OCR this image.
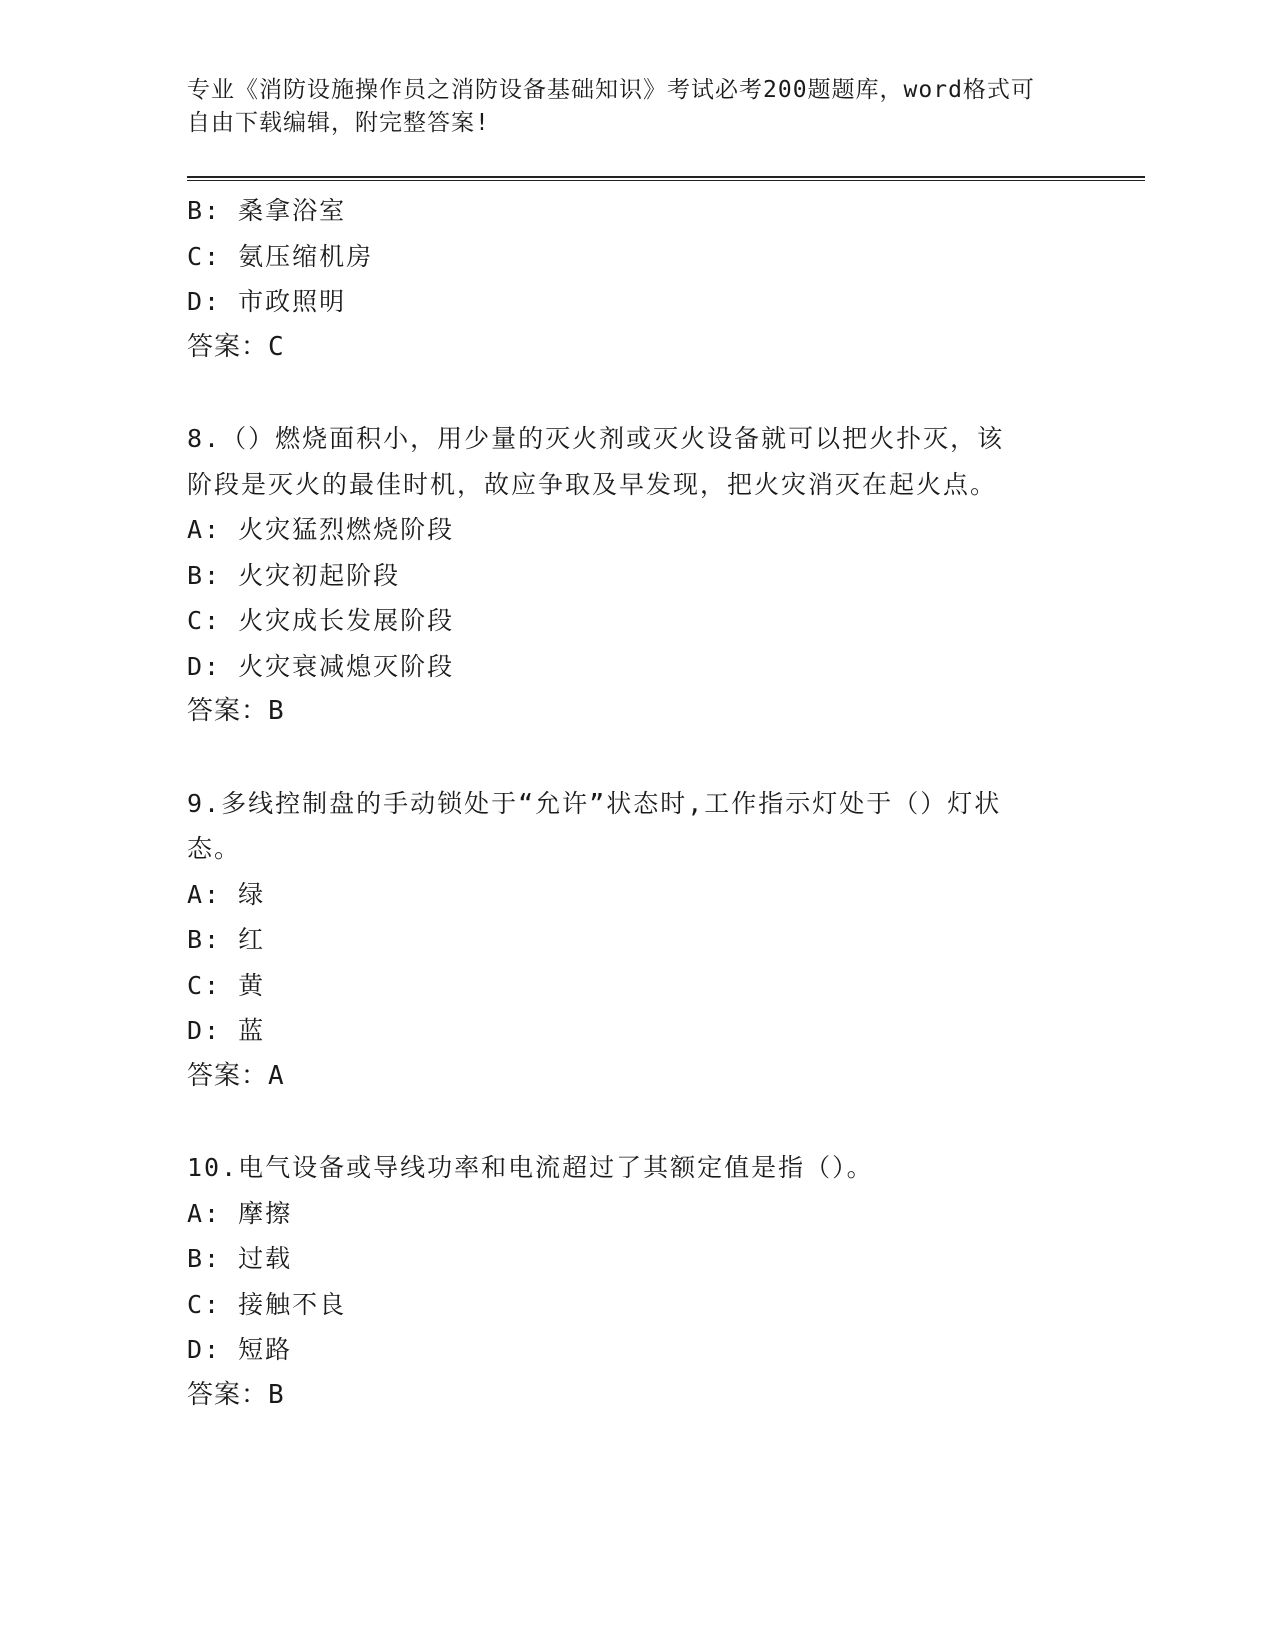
专业《消防设施操作员之消防设备基础知识》考试必考200题题库，word格式可
自由下载编辑，附完整答案!
B: 桑拿浴室
C: 氨压缩机房
D: 市政照明
答案：C
8.（）燃烧面积小，用少量的灭火剂或灭火设备就可以把火扑灭，该
阶段是灭火的最佳时机，故应争取及早发现，把火灾消灭在起火点。
A: 火灾猛烈燃烧阶段
B: 火灾初起阶段
C: 火灾成长发展阶段
D: 火灾衰减熄灭阶段
答案：B
9.多线控制盘的手动锁处于“允许”状态时,工作指示灯处于（）灯状
态。
A: 绿
B: 红
C: 黄
D: 蓝
答案：A
10.电气设备或导线功率和电流超过了其额定值是指（）。
A: 摩擦
B: 过载
C: 接触不良
D: 短路
答案：B
